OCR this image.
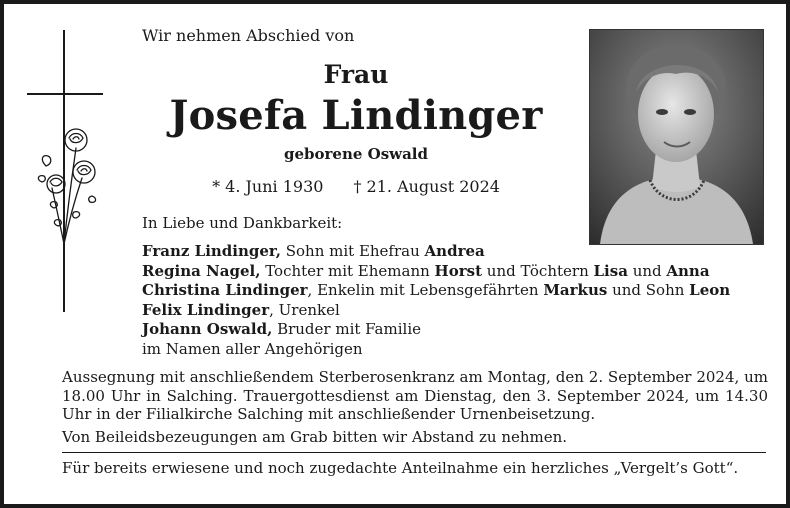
Wir nehmen Abschied von
Frau
Josefa Lindinger
geborene Oswald
* 4. Juni 1930 † 21. August 2024
In Liebe und Dankbarkeit:
Franz Lindinger, Sohn mit Ehefrau Andrea
Regina Nagel, Tochter mit Ehemann Horst und Töchtern Lisa und Anna
Christina Lindinger, Enkelin mit Lebensgefährten Markus und Sohn Leon
Felix Lindinger, Urenkel
Johann Oswald, Bruder mit Familie
im Namen aller Angehörigen
Aussegnung mit anschließendem Sterberosenkranz am Montag, den 2. September 2024, um 18.00 Uhr in Salching. Trauergottesdienst am Dienstag, den 3. September 2024, um 14.30 Uhr in der Filialkirche Salching mit anschließender Urnenbeisetzung.
Von Beileidsbezeugungen am Grab bitten wir Abstand zu nehmen.
Für bereits erwiesene und noch zugedachte Anteilnahme ein herzliches „Vergelt’s Gott“.
